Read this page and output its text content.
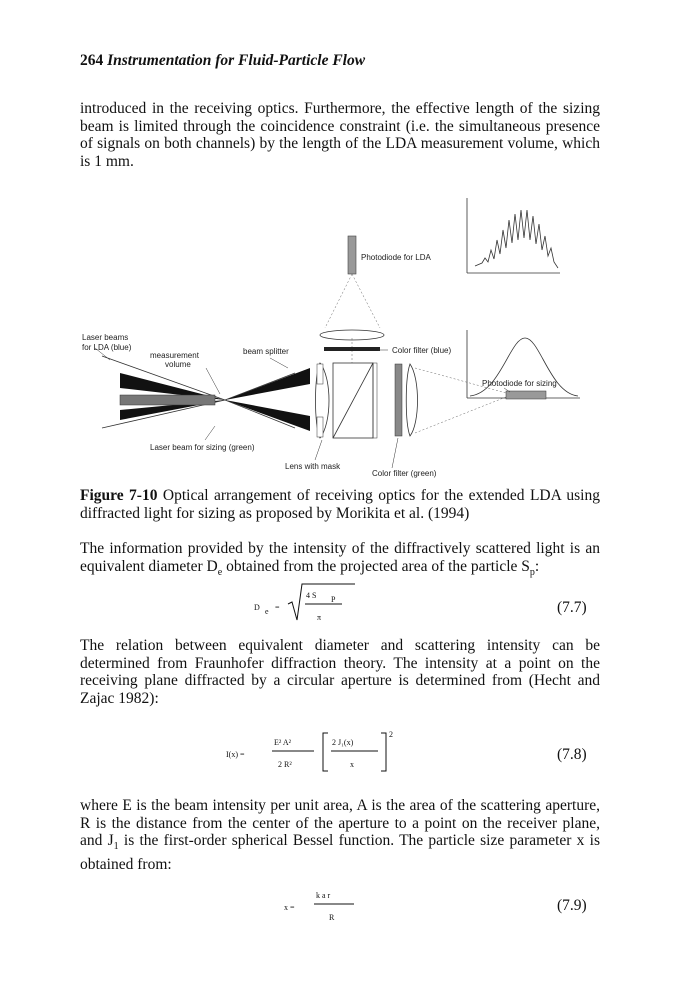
264 Instrumentation for Fluid-Particle Flow
introduced in the receiving optics. Furthermore, the effective length of the sizing beam is limited through the coincidence constraint (i.e. the simultaneous presence of signals on both channels) by the length of the LDA measurement volume, which is 1 mm.
Photodiode for LDA
Color filter (blue)
Laser beams
for LDA (blue)
measurement
volume
beam splitter
Photodiode for sizing
Laser beam for sizing (green)
Lens with mask
Color filter (green)
Figure 7-10 Optical arrangement of receiving optics for the extended LDA using diffracted light for sizing as proposed by Morikita et al. (1994)
The information provided by the intensity of the diffractively scattered light is an equivalent diameter $D_e$ obtained from the projected area of the particle $S_p$:
D e =
4 S P
π
(7.7)
The relation between equivalent diameter and scattering intensity can be determined from Fraunhofer diffraction theory. The intensity at a point on the receiving plane diffracted by a circular aperture is determined from (Hecht and Zajac 1982):
I(x) =
E² A²
2 R²
2 J₁(x)
x
2
(7.8)
where E is the beam intensity per unit area, A is the area of the scattering aperture, R is the distance from the center of the aperture to a point on the receiver plane, and $J_1$ is the first-order spherical Bessel function. The particle size parameter x is obtained from:
x =
k a r
R
(7.9)
